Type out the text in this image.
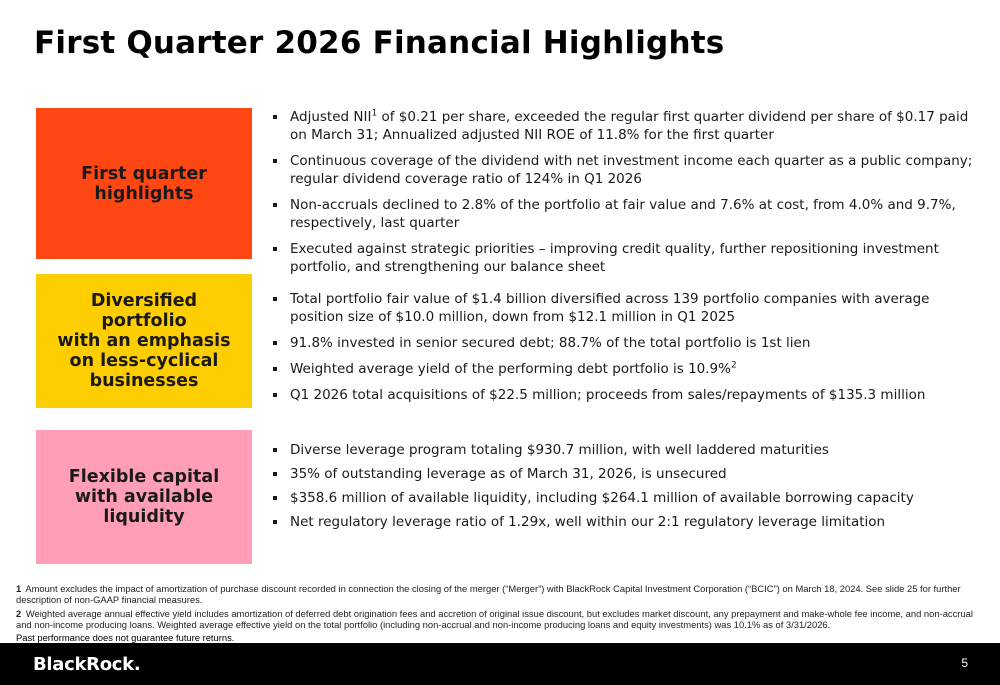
First Quarter 2026 Financial Highlights
First quarter
highlights
Adjusted NII$^1$ of $0.21 per share, exceeded the regular first quarter dividend per share of $0.17 paid on March 31; Annualized adjusted NII ROE of 11.8% for the first quarter
Continuous coverage of the dividend with net investment income each quarter as a public company; regular dividend coverage ratio of 124% in Q1 2026
Non-accruals declined to 2.8% of the portfolio at fair value and 7.6% at cost, from 4.0% and 9.7%, respectively, last quarter
Executed against strategic priorities – improving credit quality, further repositioning investment portfolio, and strengthening our balance sheet
Diversified
portfolio
with an emphasis
on less-cyclical
businesses
Total portfolio fair value of $1.4 billion diversified across 139 portfolio companies with average position size of $10.0 million, down from $12.1 million in Q1 2025
91.8% invested in senior secured debt; 88.7% of the total portfolio is 1st lien
Weighted average yield of the performing debt portfolio is 10.9%$^2$
Q1 2026 total acquisitions of $22.5 million; proceeds from sales/repayments of $135.3 million
Flexible capital
with available
liquidity
Diverse leverage program totaling $930.7 million, with well laddered maturities
35% of outstanding leverage as of March 31, 2026, is unsecured
$358.6 million of available liquidity, including $264.1 million of available borrowing capacity
Net regulatory leverage ratio of 1.29x, well within our 2:1 regulatory leverage limitation

1 Amount excludes the impact of amortization of purchase discount recorded in connection the closing of the merger (“Merger”) with BlackRock Capital Investment Corporation (“BCIC”) on March 18, 2024. See slide 25 for further description of non-GAAP financial measures.

2 Weighted average annual effective yield includes amortization of deferred debt origination fees and accretion of original issue discount, but excludes market discount, any prepayment and make-whole fee income, and non-accrual and non-income producing loans. Weighted average effective yield on the total portfolio (including non-accrual and non-income producing loans and equity investments) was 10.1% as of 3/31/2026.

Past performance does not guarantee future returns.

BlackRock.	5
